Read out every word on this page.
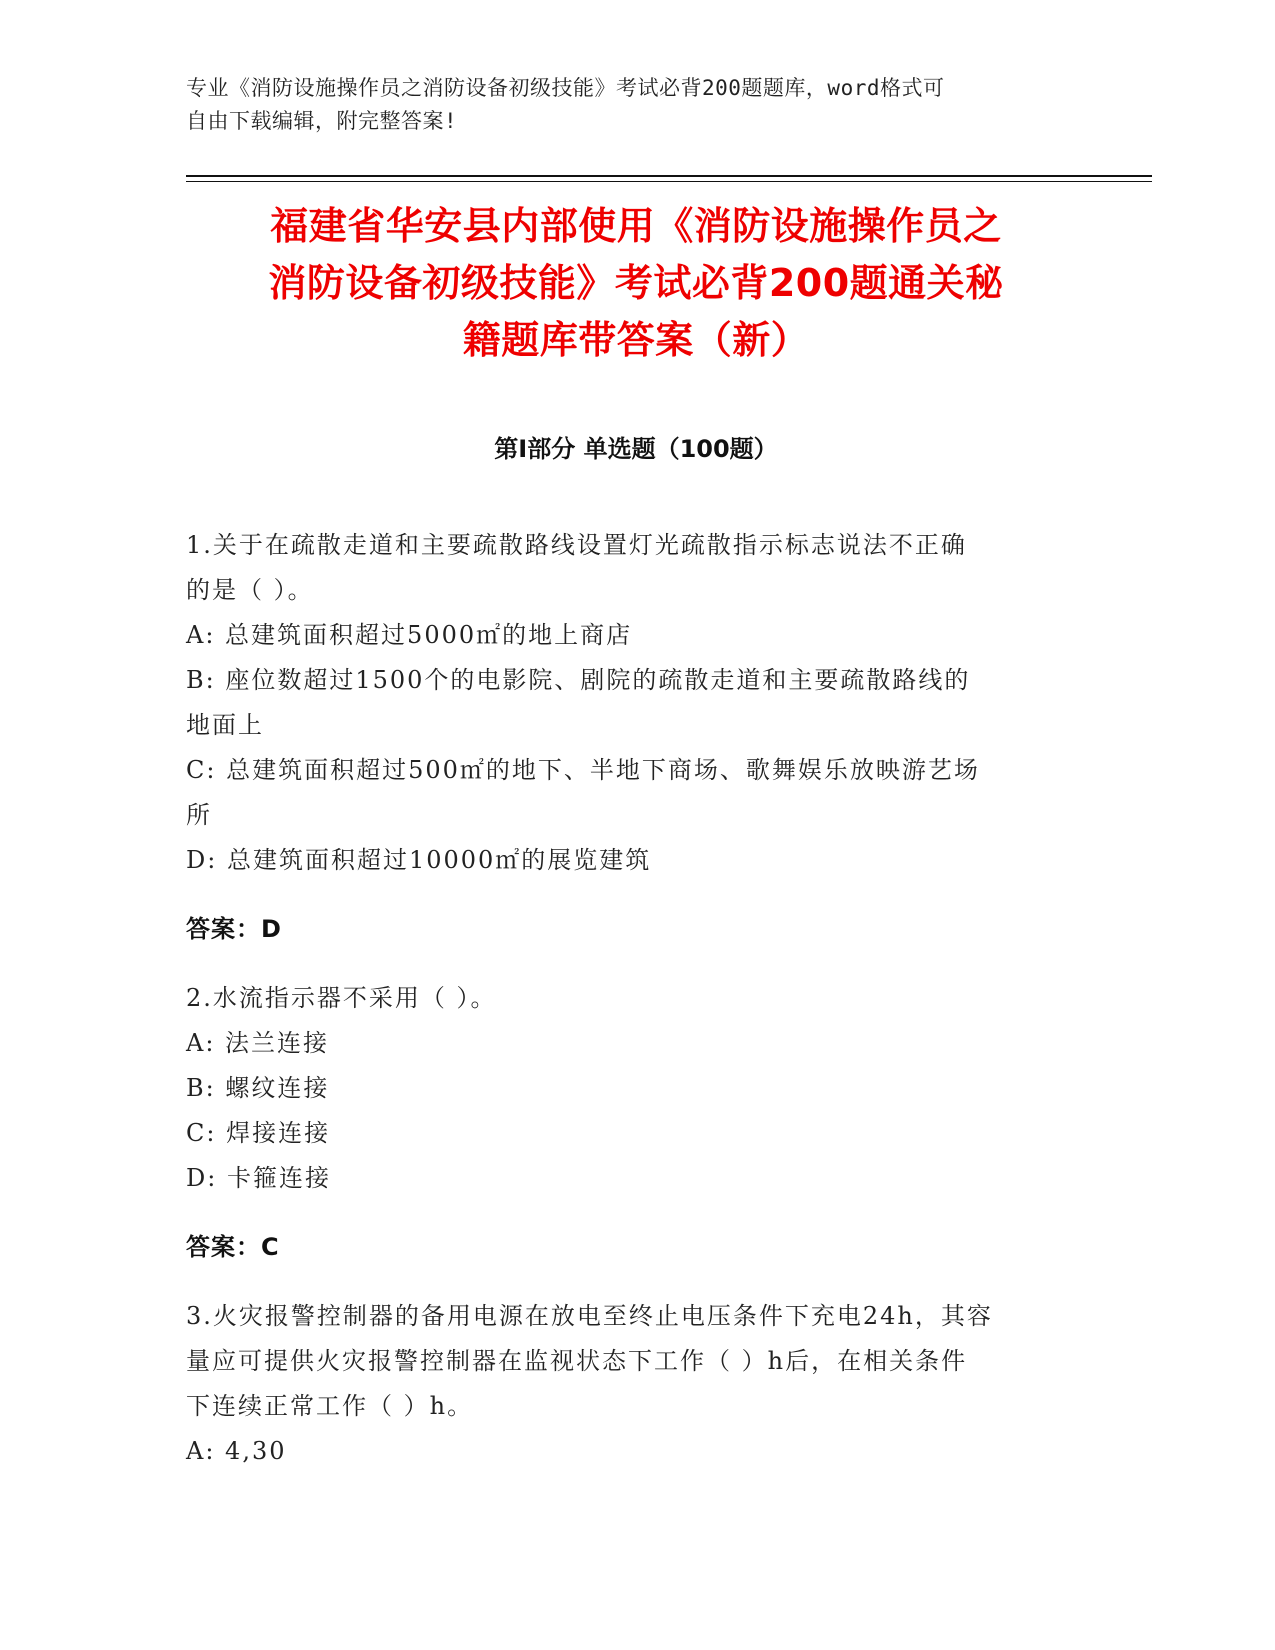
专业《消防设施操作员之消防设备初级技能》考试必背200题题库，word格式可
自由下载编辑，附完整答案!
福建省华安县内部使用《消防设施操作员之
消防设备初级技能》考试必背200题通关秘
籍题库带答案（新）
第I部分 单选题（100题）

1.关于在疏散走道和主要疏散路线设置灯光疏散指示标志说法不正确

的是（ ）。

A: 总建筑面积超过5000㎡的地上商店

B: 座位数超过1500个的电影院、剧院的疏散走道和主要疏散路线的

地面上

C: 总建筑面积超过500㎡的地下、半地下商场、歌舞娱乐放映游艺场

所

D: 总建筑面积超过10000㎡的展览建筑

答案：D

2.水流指示器不采用（ ）。

A: 法兰连接

B: 螺纹连接

C: 焊接连接

D: 卡箍连接

答案：C

3.火灾报警控制器的备用电源在放电至终止电压条件下充电24h，其容

量应可提供火灾报警控制器在监视状态下工作（ ）h后，在相关条件

下连续正常工作（ ）h。

A: 4,30
